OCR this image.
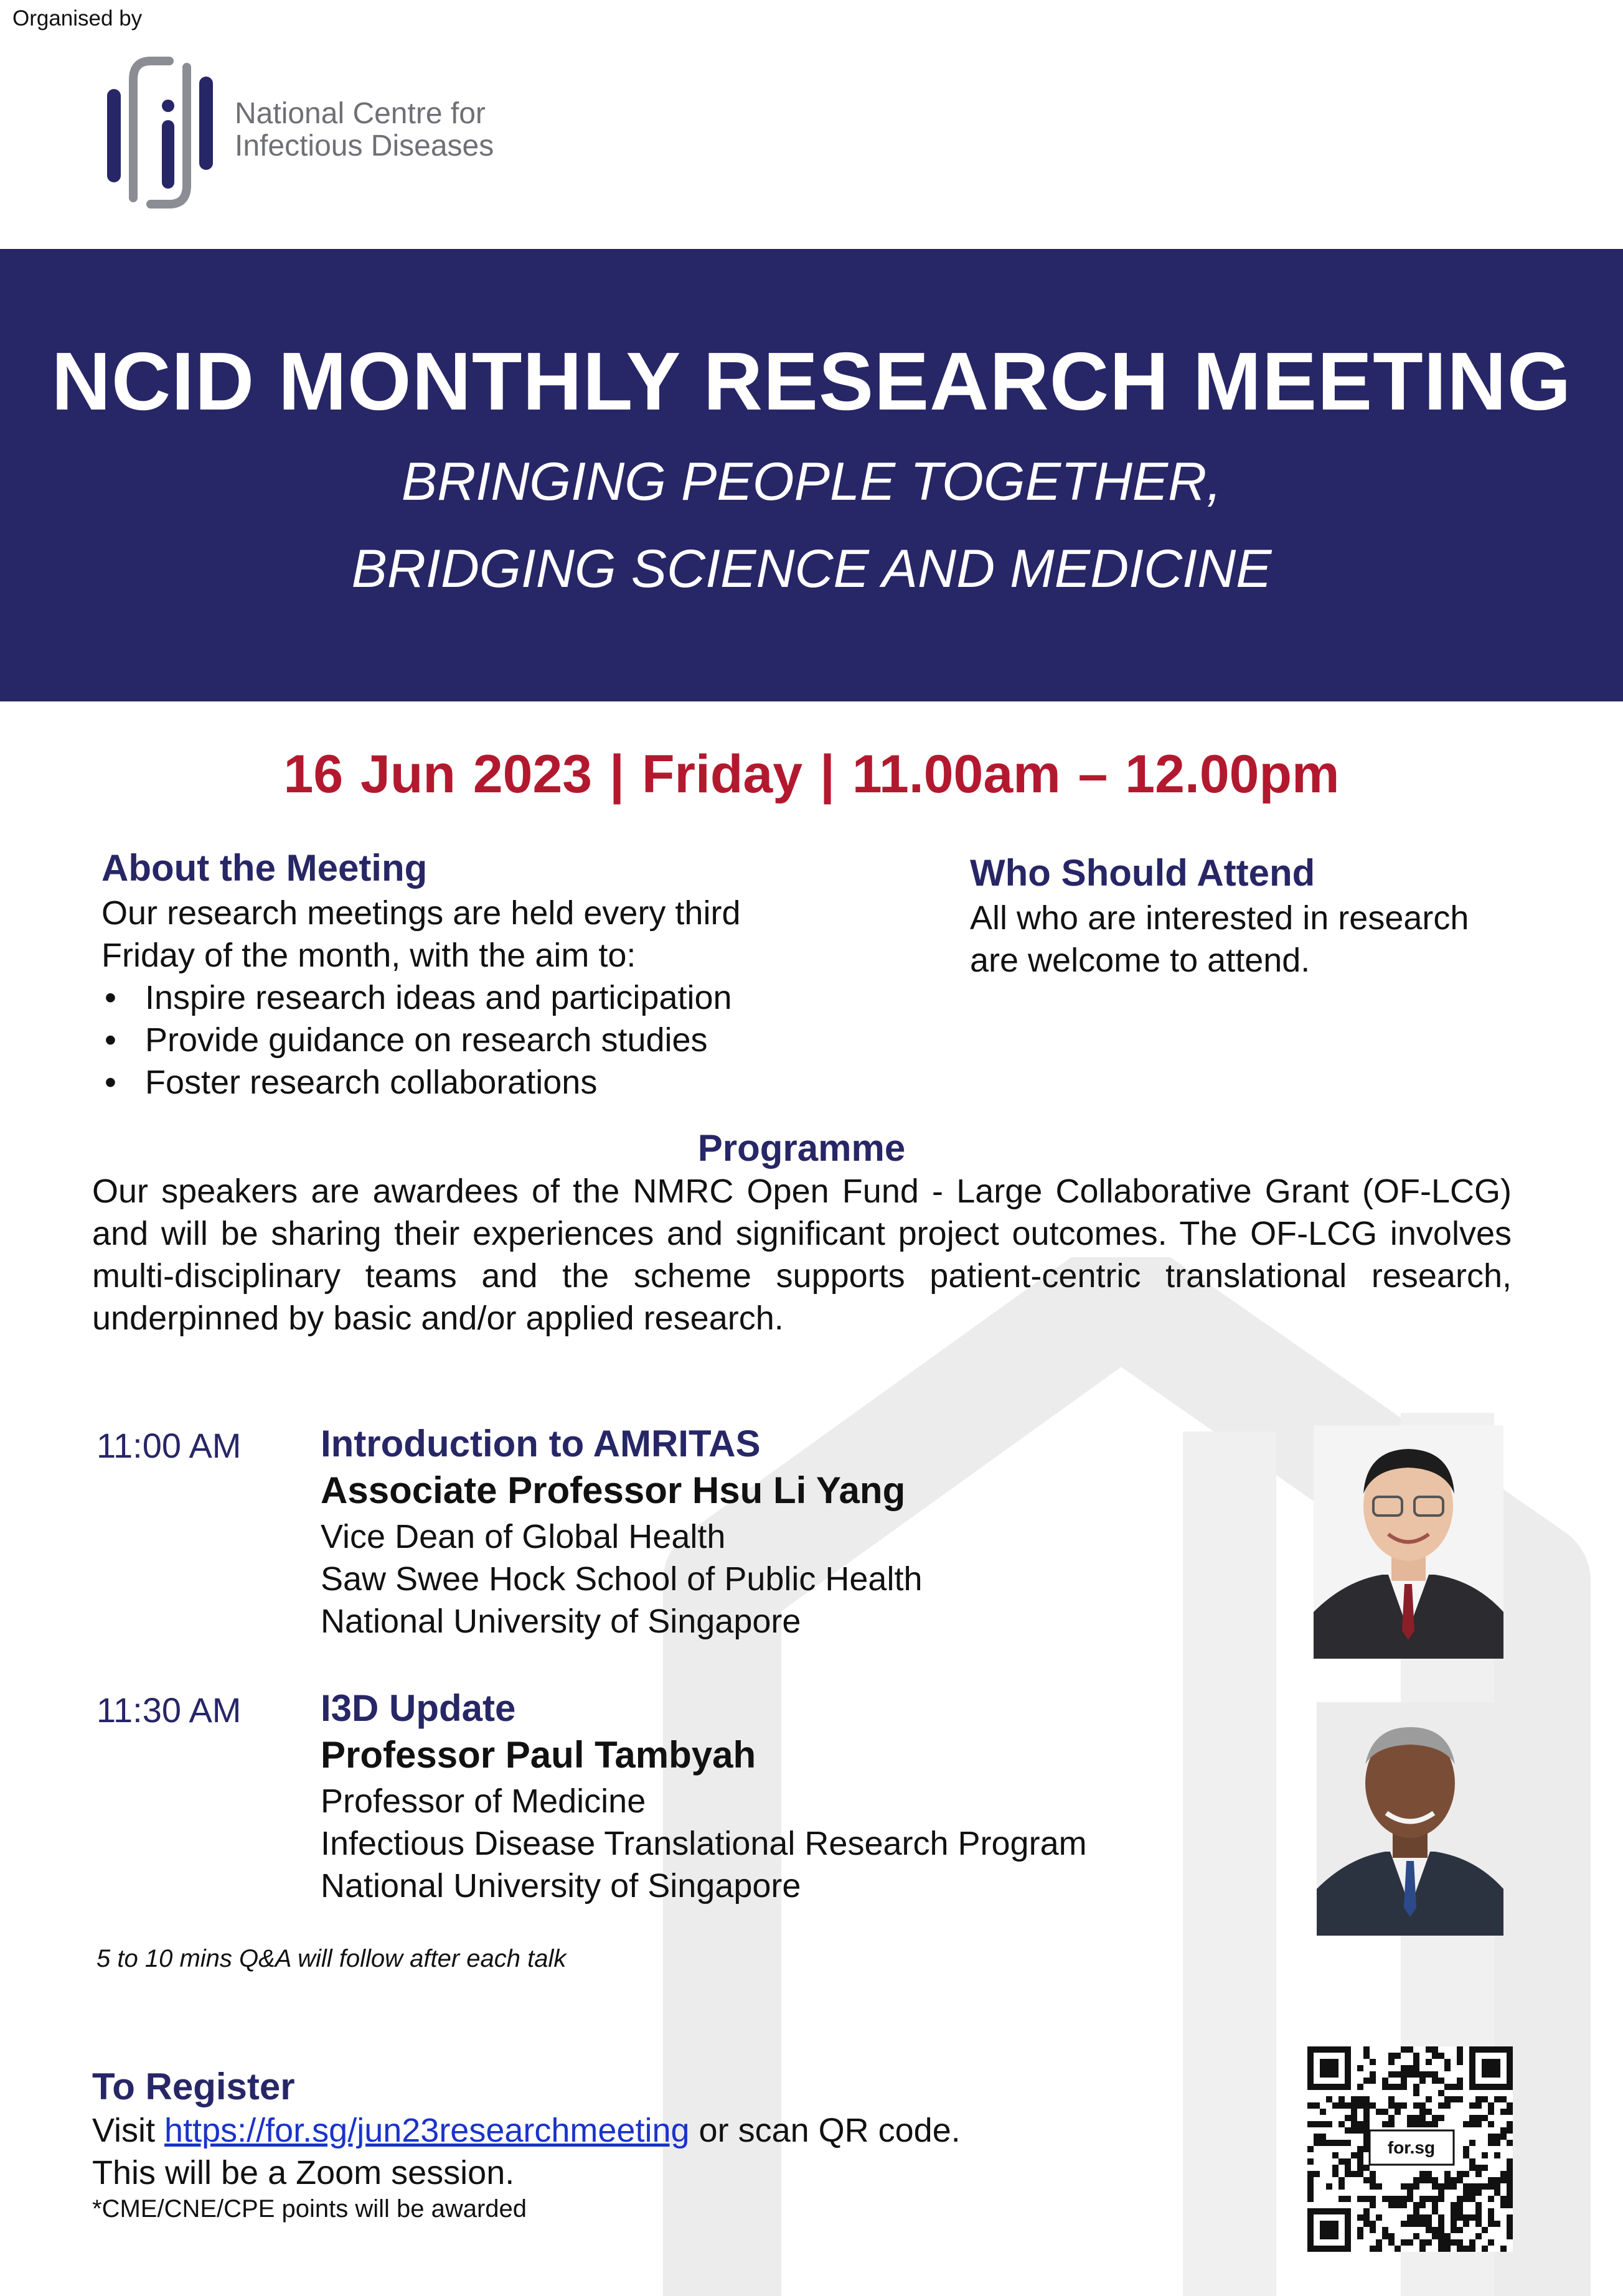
Organised by
National Centre for
Infectious Diseases
NCID MONTHLY RESEARCH MEETING
BRINGING PEOPLE TOGETHER,
BRIDGING SCIENCE AND MEDICINE
16 Jun 2023 | Friday | 11.00am – 12.00pm
About the Meeting
Our research meetings are held every third
Friday of the month, with the aim to:
• Inspire research ideas and participation
• Provide guidance on research studies
• Foster research collaborations
Who Should Attend
All who are interested in research
are welcome to attend.
Programme
Our speakers are awardees of the NMRC Open Fund - Large Collaborative Grant (OF-LCG) and will be sharing their experiences and significant project outcomes. The OF-LCG involves multi-disciplinary teams and the scheme supports patient-centric translational research, underpinned by basic and/or applied research.
11:00 AM Introduction to AMRITAS
Associate Professor Hsu Li Yang
Vice Dean of Global Health
Saw Swee Hock School of Public Health
National University of Singapore
11:30 AM I3D Update
Professor Paul Tambyah
Professor of Medicine
Infectious Disease Translational Research Program
National University of Singapore
5 to 10 mins Q&A will follow after each talk
To Register
Visit https://for.sg/jun23researchmeeting or scan QR code.
This will be a Zoom session.
*CME/CNE/CPE points will be awarded
for.sg
